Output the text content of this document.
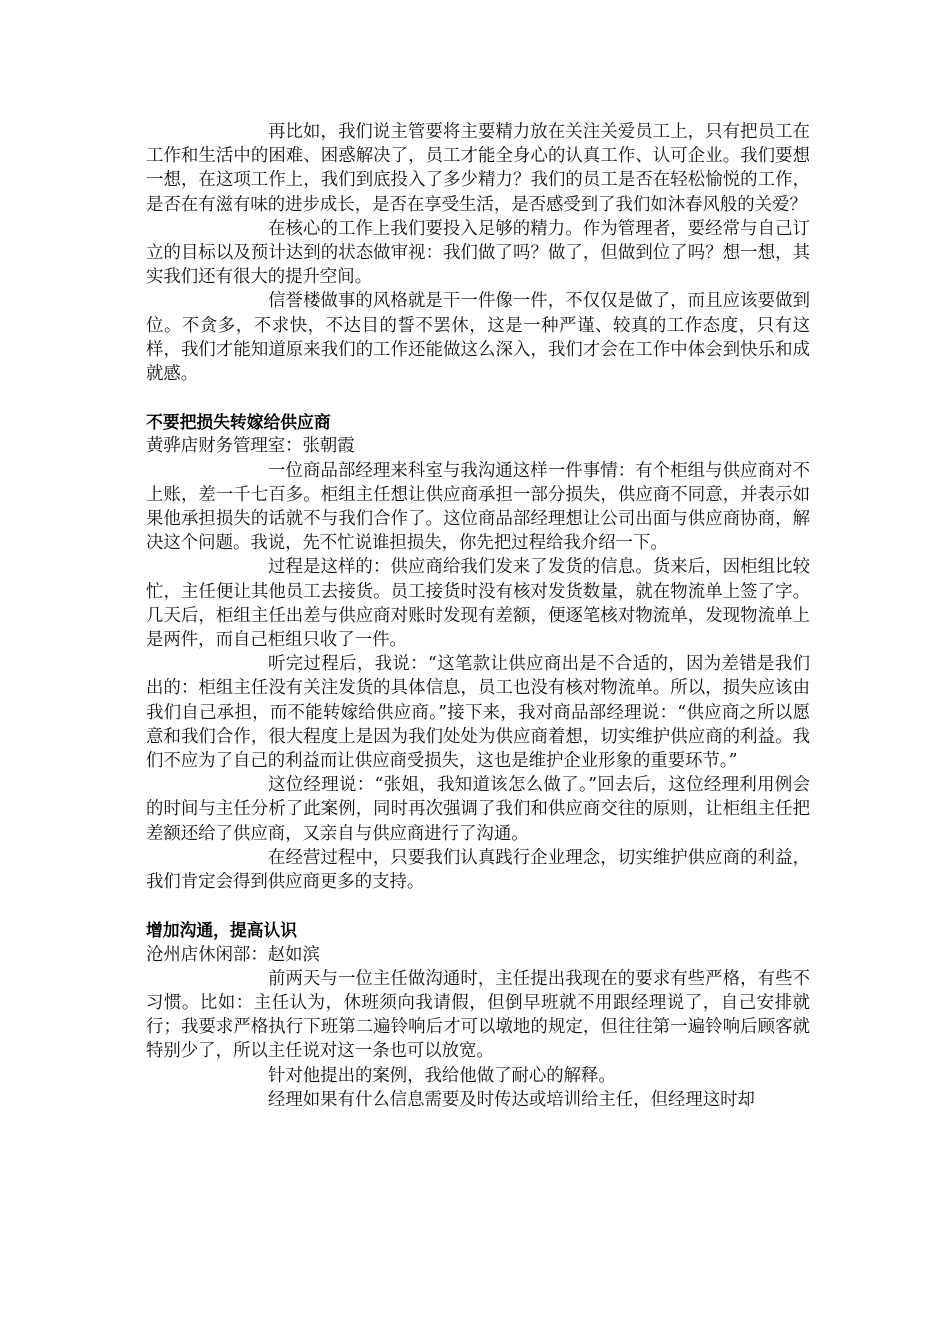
再比如，我们说主管要将主要精力放在关注关爱员工上，只有把员工在工作和生活中的困难、困惑解决了，员工才能全身心的认真工作、认可企业。我们要想一想，在这项工作上，我们到底投入了多少精力？我们的员工是否在轻松愉悦的工作，是否在有滋有味的进步成长，是否在享受生活，是否感受到了我们如沐春风般的关爱？

在核心的工作上我们要投入足够的精力。作为管理者，要经常与自己订立的目标以及预计达到的状态做审视：我们做了吗？做了，但做到位了吗？想一想，其实我们还有很大的提升空间。

信誉楼做事的风格就是干一件像一件，不仅仅是做了，而且应该要做到位。不贪多，不求快，不达目的誓不罢休，这是一种严谨、较真的工作态度，只有这样，我们才能知道原来我们的工作还能做这么深入，我们才会在工作中体会到快乐和成就感。

不要把损失转嫁给供应商

黄骅店财务管理室：张朝霞

一位商品部经理来科室与我沟通这样一件事情：有个柜组与供应商对不上账，差一千七百多。柜组主任想让供应商承担一部分损失，供应商不同意，并表示如果他承担损失的话就不与我们合作了。这位商品部经理想让公司出面与供应商协商，解决这个问题。我说，先不忙说谁担损失，你先把过程给我介绍一下。

过程是这样的：供应商给我们发来了发货的信息。货来后，因柜组比较忙，主任便让其他员工去接货。员工接货时没有核对发货数量，就在物流单上签了字。几天后，柜组主任出差与供应商对账时发现有差额，便逐笔核对物流单，发现物流单上是两件，而自己柜组只收了一件。

听完过程后，我说：“这笔款让供应商出是不合适的，因为差错是我们出的：柜组主任没有关注发货的具体信息，员工也没有核对物流单。所以，损失应该由我们自己承担，而不能转嫁给供应商。”接下来，我对商品部经理说：“供应商之所以愿意和我们合作，很大程度上是因为我们处处为供应商着想，切实维护供应商的利益。我们不应为了自己的利益而让供应商受损失，这也是维护企业形象的重要环节。”

这位经理说：“张姐，我知道该怎么做了。”回去后，这位经理利用例会的时间与主任分析了此案例，同时再次强调了我们和供应商交往的原则，让柜组主任把差额还给了供应商，又亲自与供应商进行了沟通。

在经营过程中，只要我们认真践行企业理念，切实维护供应商的利益，我们肯定会得到供应商更多的支持。

增加沟通，提高认识

沧州店休闲部：赵如滨

前两天与一位主任做沟通时，主任提出我现在的要求有些严格，有些不习惯。比如：主任认为，休班须向我请假，但倒早班就不用跟经理说了，自己安排就行；我要求严格执行下班第二遍铃响后才可以墩地的规定，但往往第一遍铃响后顾客就特别少了，所以主任说对这一条也可以放宽。

针对他提出的案例，我给他做了耐心的解释。

经理如果有什么信息需要及时传达或培训给主任，但经理这时却
